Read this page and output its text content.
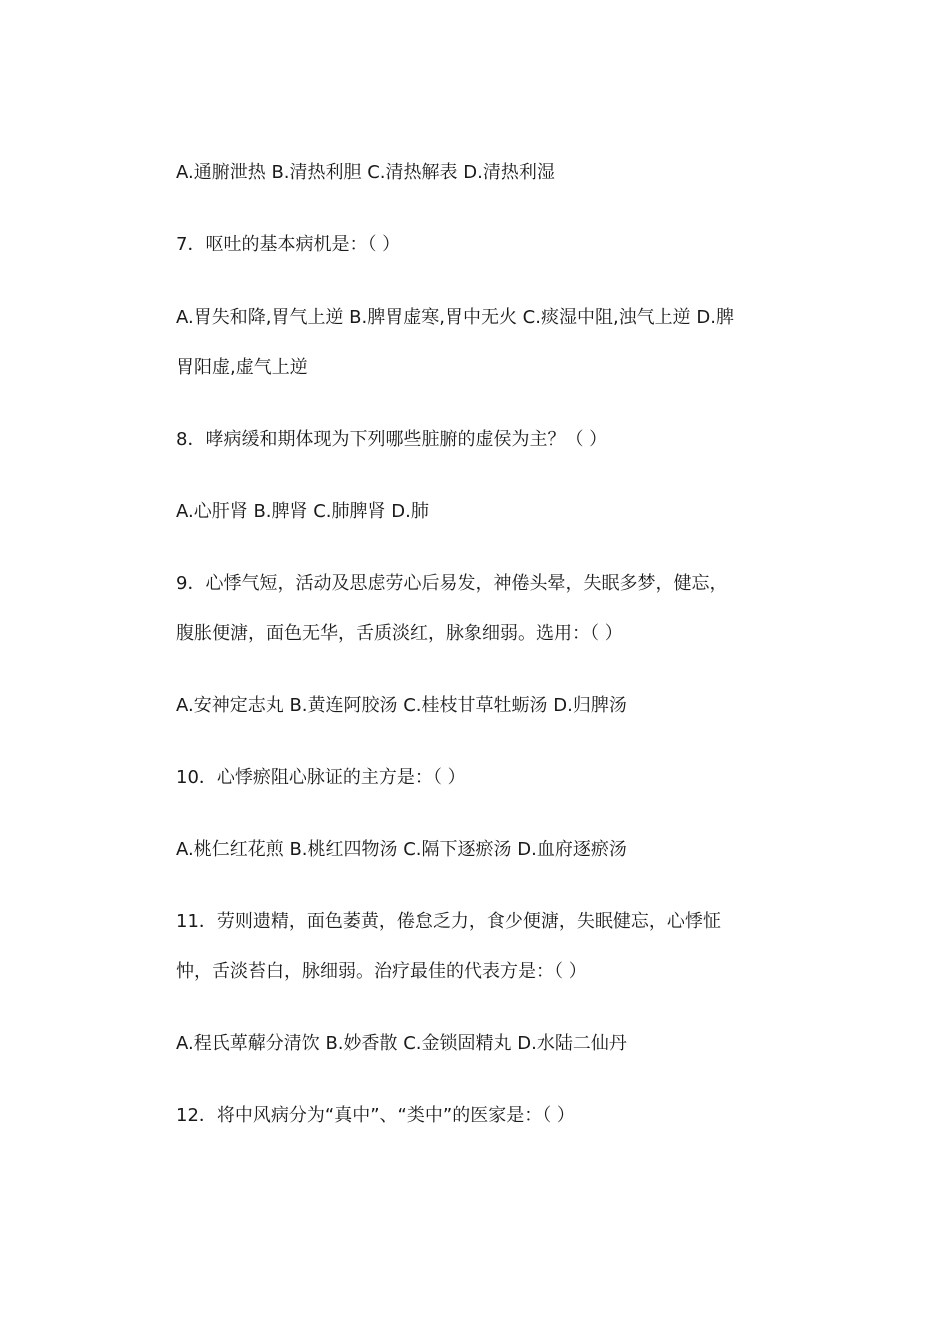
A.通腑泄热 B.清热利胆 C.清热解表 D.清热利湿
7．呕吐的基本病机是：（ ）
A.胃失和降,胃气上逆 B.脾胃虚寒,胃中无火 C.痰湿中阻,浊气上逆 D.脾
胃阳虚,虚气上逆
8．哮病缓和期体现为下列哪些脏腑的虚侯为主？（ ）
A.心肝肾 B.脾肾 C.肺脾肾 D.肺
9．心悸气短，活动及思虑劳心后易发，神倦头晕，失眠多梦，健忘，
腹胀便溏，面色无华，舌质淡红，脉象细弱。选用：（ ）
A.安神定志丸 B.黄连阿胶汤 C.桂枝甘草牡蛎汤 D.归脾汤
10．心悸瘀阻心脉证的主方是：（ ）
A.桃仁红花煎 B.桃红四物汤 C.隔下逐瘀汤 D.血府逐瘀汤
11．劳则遗精，面色萎黄，倦怠乏力，食少便溏，失眠健忘，心悸怔
忡，舌淡苔白，脉细弱。治疗最佳的代表方是：（ ）
A.程氏萆薢分清饮 B.妙香散 C.金锁固精丸 D.水陆二仙丹
12．将中风病分为“真中”、“类中”的医家是：（ ）
